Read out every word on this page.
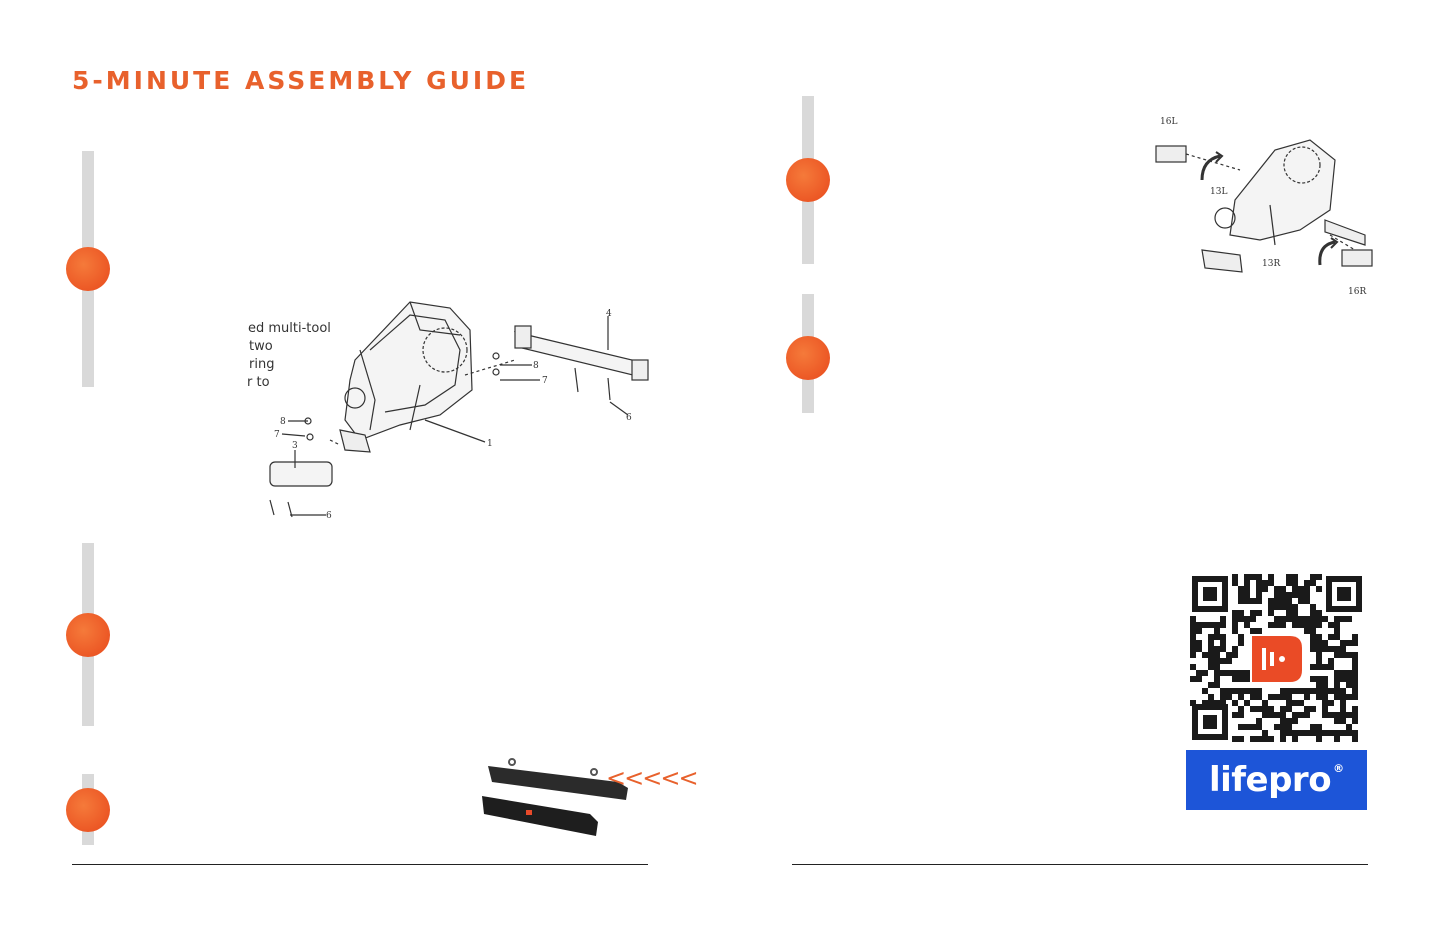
5-MINUTE ASSEMBLY GUIDE
ed multi-tool
two
ring
r to
1
3
4
6
6
7
7
8
8
16L
13L
13R
16R
<<<<<	lifepro ®
